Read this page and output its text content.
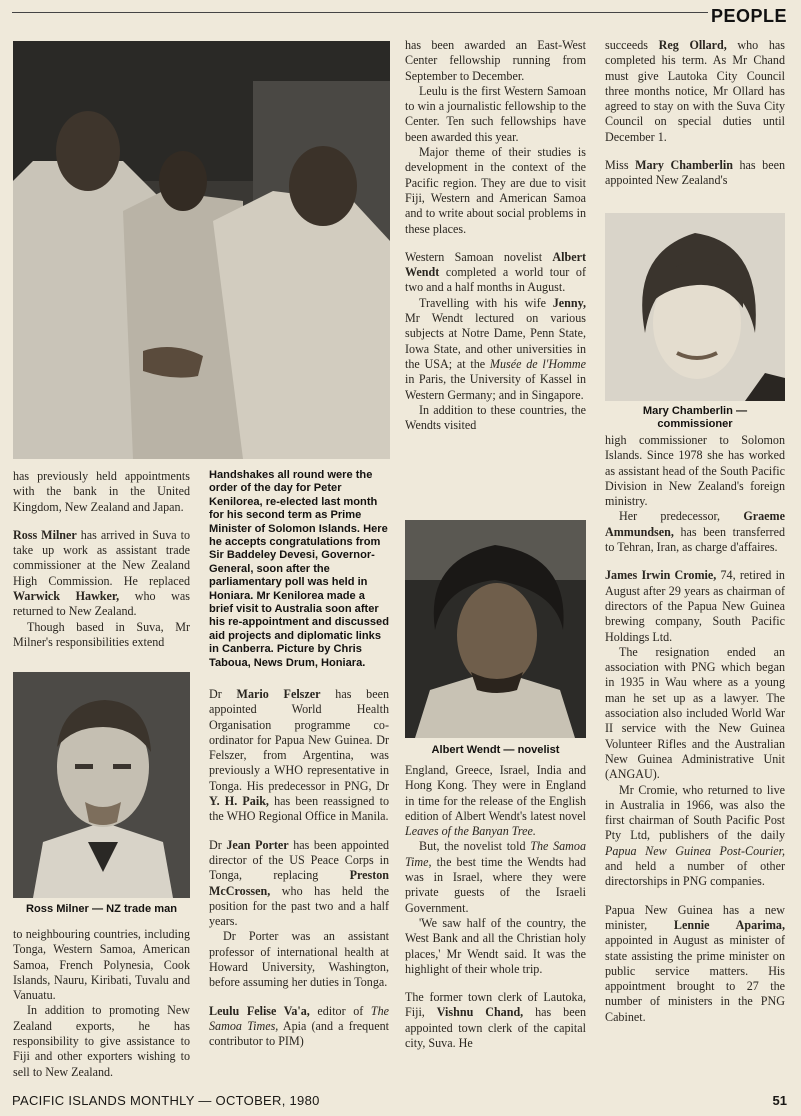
PEOPLE
Handshakes all round were the order of the day for Peter Kenilorea, re-elected last month for his second term as Prime Minister of Solomon Islands. Here he accepts congratulations from Sir Baddeley Devesi, Governor-General, soon after the parliamentary poll was held in Honiara. Mr Kenilorea made a brief visit to Australia soon after his re-appointment and discussed aid projects and diplomatic links in Canberra. Picture by Chris Taboua, News Drum, Honiara.

has previously held appointments with the bank in the United Kingdom, New Zealand and Japan.

Ross Milner has arrived in Suva to take up work as assistant trade commissioner at the New Zealand High Commission. He replaced Warwick Hawker, who was returned to New Zealand.

Though based in Suva, Mr Milner's responsibilities extend

Ross Milner — NZ trade man

to neighbouring countries, including Tonga, Western Samoa, American Samoa, French Polynesia, Cook Islands, Nauru, Kiribati, Tuvalu and Vanuatu.

In addition to promoting New Zealand exports, he has responsibility to give assistance to Fiji and other exporters wishing to sell to New Zealand.

Dr Mario Felszer has been appointed World Health Organisation programme co-ordinator for Papua New Guinea. Dr Felszer, from Argentina, was previously a WHO representative in Tonga. His predecessor in PNG, Dr Y. H. Paik, has been reassigned to the WHO Regional Office in Manila.

Dr Jean Porter has been appointed director of the US Peace Corps in Tonga, replacing Preston McCrossen, who has held the position for the past two and a half years.

Dr Porter was an assistant professor of international health at Howard University, Washington, before assuming her duties in Tonga.

Leulu Felise Va'a, editor of The Samoa Times, Apia (and a frequent contributor to PIM)

has been awarded an East-West Center fellowship running from September to December.

Leulu is the first Western Samoan to win a journalistic fellowship to the Center. Ten such fellowships have been awarded this year.

Major theme of their studies is development in the context of the Pacific region. They are due to visit Fiji, Western and American Samoa and to write about social problems in these places.

Western Samoan novelist Albert Wendt completed a world tour of two and a half months in August.

Travelling with his wife Jenny, Mr Wendt lectured on various subjects at Notre Dame, Penn State, Iowa State, and other universities in the USA; at the Musée de l'Homme in Paris, the University of Kassel in Western Germany; and in Singapore.

In addition to these countries, the Wendts visited

Albert Wendt — novelist

England, Greece, Israel, India and Hong Kong. They were in England in time for the release of the English edition of Albert Wendt's latest novel Leaves of the Banyan Tree.

But, the novelist told The Samoa Time, the best time the Wendts had was in Israel, where they were private guests of the Israeli Government.

'We saw half of the country, the West Bank and all the Christian holy places,' Mr Wendt said. It was the highlight of their whole trip.

The former town clerk of Lautoka, Fiji, Vishnu Chand, has been appointed town clerk of the capital city, Suva. He

succeeds Reg Ollard, who has completed his term. As Mr Chand must give Lautoka City Council three months notice, Mr Ollard has agreed to stay on with the Suva City Council on special duties until December 1.

Miss Mary Chamberlin has been appointed New Zealand's

Mary Chamberlin — commissioner

high commissioner to Solomon Islands. Since 1978 she has worked as assistant head of the South Pacific Division in New Zealand's foreign ministry.

Her predecessor, Graeme Ammundsen, has been transferred to Tehran, Iran, as charge d'affaires.

James Irwin Cromie, 74, retired in August after 29 years as chairman of directors of the Papua New Guinea brewing company, South Pacific Holdings Ltd.

The resignation ended an association with PNG which began in 1935 in Wau where as a young man he set up as a lawyer. The association also included World War II service with the New Guinea Volunteer Rifles and the Australian New Guinea Administrative Unit (ANGAU).

Mr Cromie, who returned to live in Australia in 1966, was also the first chairman of South Pacific Post Pty Ltd, publishers of the daily Papua New Guinea Post-Courier, and held a number of other directorships in PNG companies.

Papua New Guinea has a new minister, Lennie Aparima, appointed in August as minister of state assisting the prime minister on public service matters. His appointment brought to 27 the number of ministers in the PNG Cabinet.

PACIFIC ISLANDS MONTHLY — OCTOBER, 1980	51
